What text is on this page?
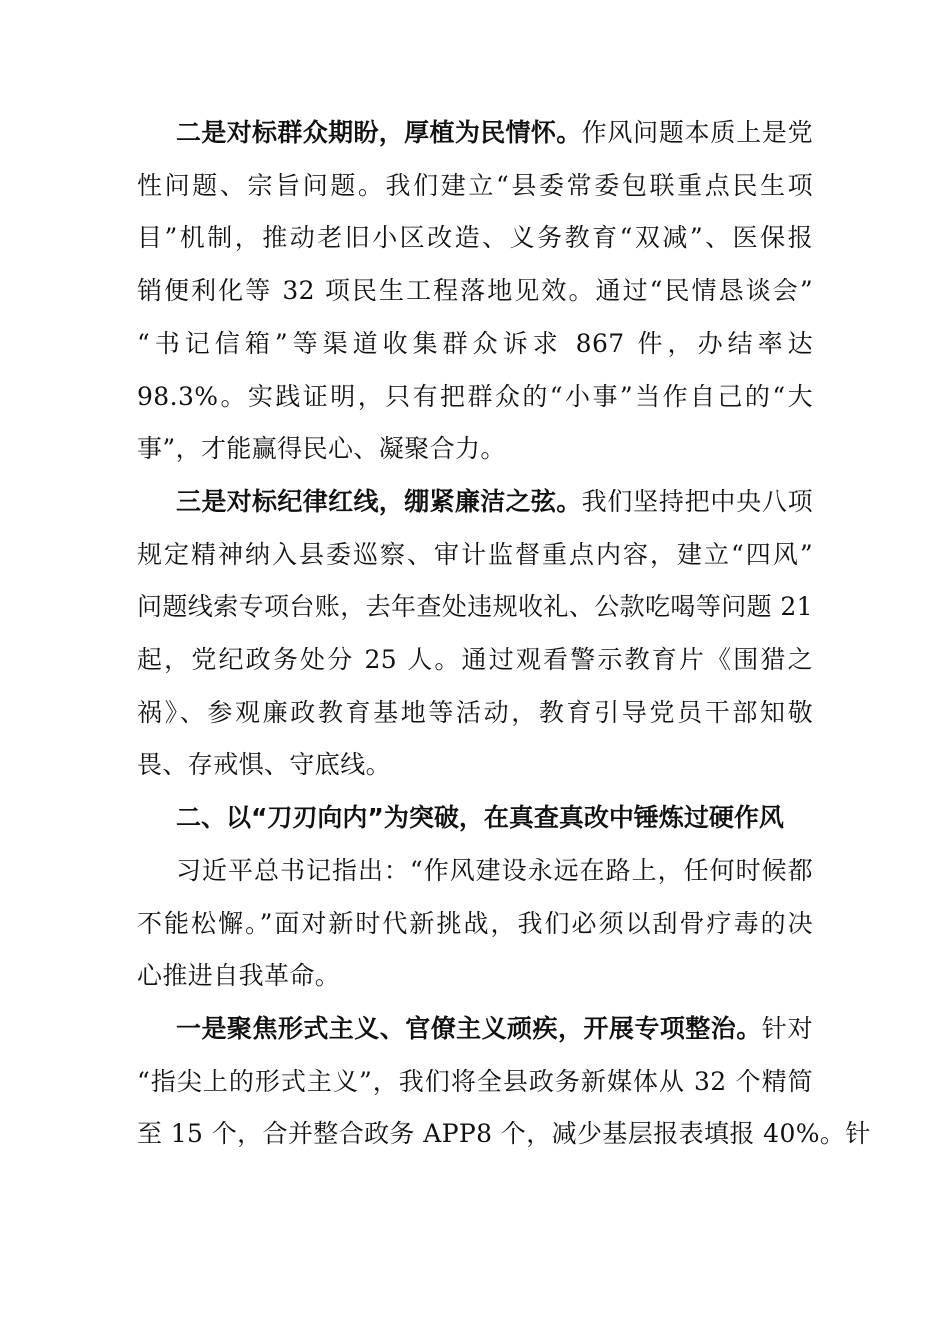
二是对标群众期盼，厚植为民情怀。作风问题本质上是党
性问题、宗旨问题。我们建立“县委常委包联重点民生项
目”机制，推动老旧小区改造、义务教育“双减”、医保报
销便利化等 32 项民生工程落地见效。通过“民情恳谈会”
“书记信箱”等渠道收集群众诉求 867 件，办结率达
98.3%。实践证明，只有把群众的“小事”当作自己的“大
事”，才能赢得民心、凝聚合力。
三是对标纪律红线，绷紧廉洁之弦。我们坚持把中央八项
规定精神纳入县委巡察、审计监督重点内容，建立“四风”
问题线索专项台账，去年查处违规收礼、公款吃喝等问题 21
起，党纪政务处分 25 人。通过观看警示教育片《围猎之
祸》、参观廉政教育基地等活动，教育引导党员干部知敬
畏、存戒惧、守底线。
二、以“刀刃向内”为突破，在真查真改中锤炼过硬作风
习近平总书记指出：“作风建设永远在路上，任何时候都
不能松懈。”面对新时代新挑战，我们必须以刮骨疗毒的决
心推进自我革命。
一是聚焦形式主义、官僚主义顽疾，开展专项整治。针对
“指尖上的形式主义”，我们将全县政务新媒体从 32 个精简
至 15 个，合并整合政务 APP8 个，减少基层报表填报 40%。针
